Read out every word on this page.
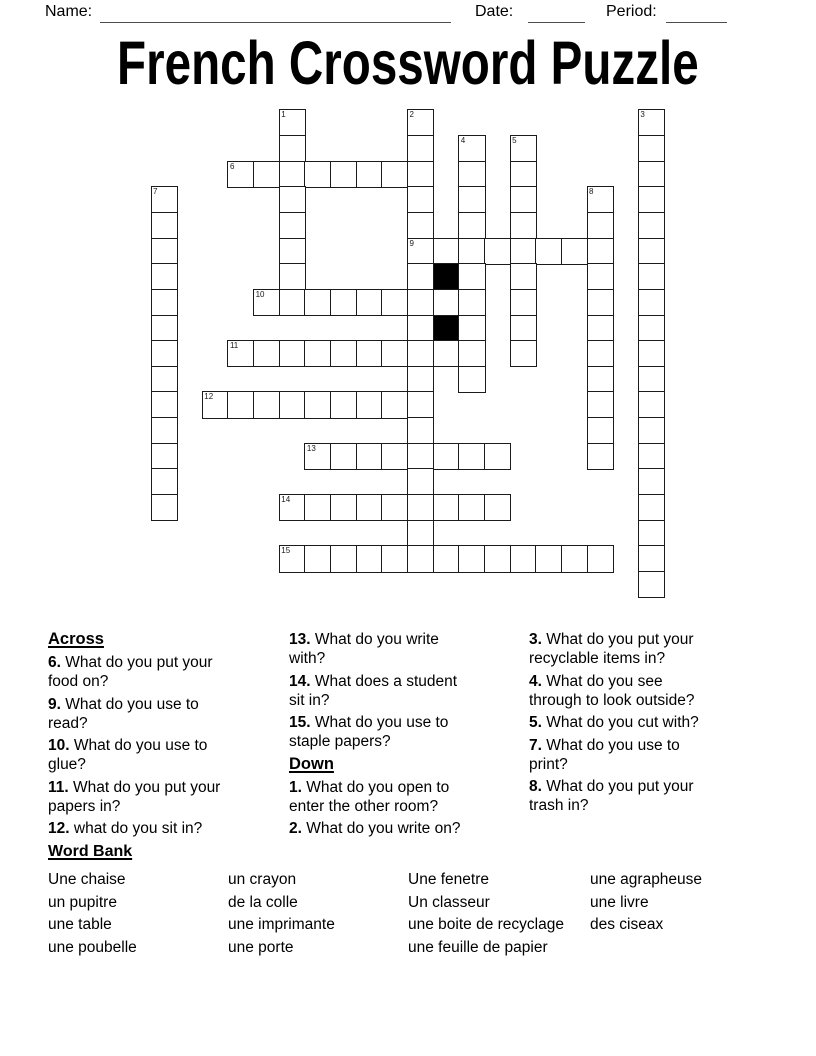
Name:	Date:	Period:
French Crossword Puzzle
1	2	3
4	5
6
7	8
9
10
11
12
13
14
15
Across

6. What do you put your food on?

9. What do you use to read?

10. What do you use to glue?

11. What do you put your papers in?

12. what do you sit in?

13. What do you write with?

14. What does a student sit in?

15. What do you use to staple papers?

Down

1. What do you open to enter the other room?

2. What do you write on?

3. What do you put your recyclable items in?

4. What do you see through to look outside?

5. What do you cut with?

7. What do you use to print?

8. What do you put your trash in?

Word Bank
Une chaise
un pupitre
une table
une poubelle
un crayon
de la colle
une imprimante
une porte
Une fenetre
Un classeur
une boite de recyclage
une feuille de papier
une agrapheuse
une livre
des ciseax
